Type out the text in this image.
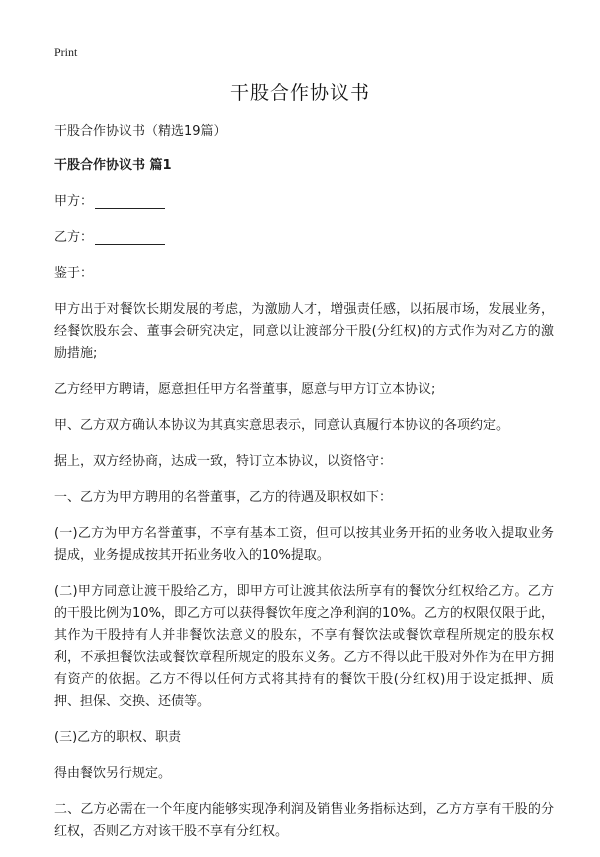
Print
干股合作协议书

干股合作协议书（精选19篇）

干股合作协议书 篇1

甲方：

乙方：

鉴于：

甲方出于对餐饮长期发展的考虑，为激励人才，增强责任感，以拓展市场，发展业务，经餐饮股东会、董事会研究决定，同意以让渡部分干股(分红权)的方式作为对乙方的激励措施;

乙方经甲方聘请，愿意担任甲方名誉董事，愿意与甲方订立本协议;

甲、乙方双方确认本协议为其真实意思表示，同意认真履行本协议的各项约定。

据上，双方经协商，达成一致，特订立本协议，以资恪守：

一、乙方为甲方聘用的名誉董事，乙方的待遇及职权如下：

(一)乙方为甲方名誉董事，不享有基本工资，但可以按其业务开拓的业务收入提取业务提成，业务提成按其开拓业务收入的10%提取。

(二)甲方同意让渡干股给乙方，即甲方可让渡其依法所享有的餐饮分红权给乙方。乙方的干股比例为10%，即乙方可以获得餐饮年度之净利润的10%。乙方的权限仅限于此，其作为干股持有人并非餐饮法意义的股东，不享有餐饮法或餐饮章程所规定的股东权利，不承担餐饮法或餐饮章程所规定的股东义务。乙方不得以此干股对外作为在甲方拥有资产的依据。乙方不得以任何方式将其持有的餐饮干股(分红权)用于设定抵押、质押、担保、交换、还债等。

(三)乙方的职权、职责

得由餐饮另行规定。

二、乙方必需在一个年度内能够实现净利润及销售业务指标达到，乙方方享有干股的分红权，否则乙方对该干股不享有分红权。
